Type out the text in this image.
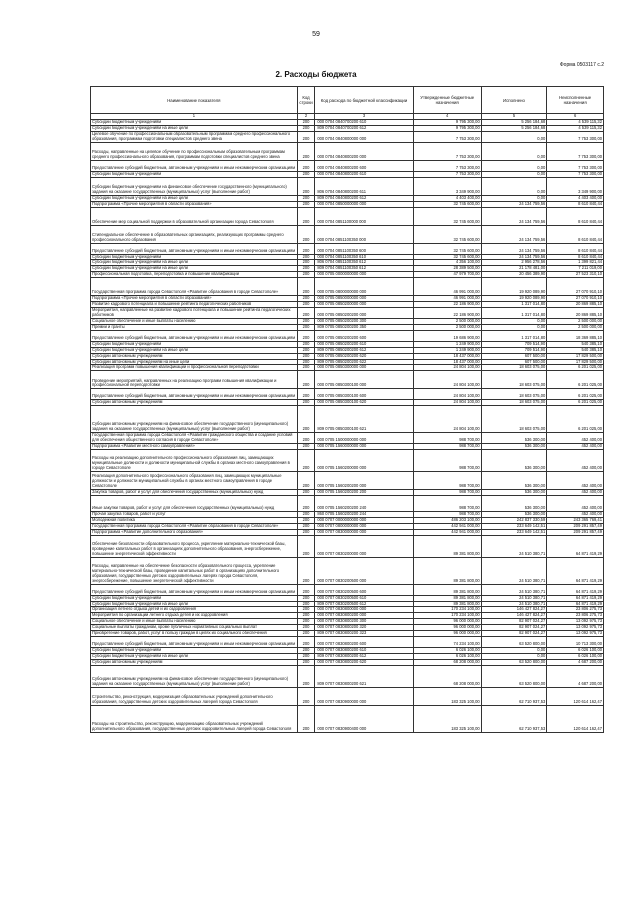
59
Форма 0503117 с.2
2. Расходы бюджета
Наименование показателя	Код строки	Код расхода по бюджетной классификации	Утвержденные бюджетные назначения	Исполнено	Неисполненные назначения
1	2	3	4	5	6
Субсидии бюджетным учреждениям	200	000 0704 0840700200 610	9 795 300,00	5 256 184,68	4 539 115,32
Субсидии бюджетным учреждениям на иные цели	200	809 0704 0840700200 612	9 795 300,00	5 256 184,68	4 539 115,32
Целевое обучение по профессиональным образовательным программам среднего профессионального образования, программам подготовки специалистов среднего звена	200	000 0704 0840800000 000	7 753 300,00	0,00	7 753 300,00
Расходы, направленные на целевое обучение по профессиональным образовательным программам среднего профессионального образования, программам подготовки специалистов среднего звена	200	000 0704 0840800200 000	7 753 300,00	0,00	7 753 300,00
Предоставление субсидий бюджетным, автономным учреждениям и иным некоммерческим организациям	200	000 0704 0840800200 600	7 753 300,00	0,00	7 753 300,00
Субсидии бюджетным учреждениям	200	000 0704 0840800200 610	7 753 300,00	0,00	7 753 300,00
Субсидии бюджетным учреждениям на финансовое обеспечение государственного (муниципального) задания на оказание государственных (муниципальных) услуг (выполнение работ)	200	806 0704 0840800200 611	3 349 900,00	0,00	3 349 900,00
Субсидии бюджетным учреждениям на иные цели	200	809 0704 0840800200 612	4 403 400,00	0,00	4 403 400,00
Подпрограмма «Прочие мероприятия в области образования»	200	000 0704 0850000000 000	32 745 600,00	24 134 759,56	8 610 840,44
Обеспечение мер социальной поддержки в образовательной организации города Севастополя	200	000 0704 0851100000 000	32 745 600,00	24 134 759,56	8 610 840,44
Стипендиальное обеспечение в образовательных организациях, реализующих программы среднего профессионального образования	200	000 0704 0851100350 000	32 745 600,00	24 134 759,56	8 610 840,44
Предоставление субсидий бюджетным, автономным учреждениям и иным некоммерческим организациям	200	000 0704 0851100350 600	32 745 600,00	24 134 759,56	8 610 840,44
Субсидии бюджетным учреждениям	200	000 0704 0851100350 610	32 745 600,00	24 134 759,56	8 610 840,44
Субсидии бюджетным учреждениям на иные цели	200	806 0704 0851100350 612	4 356 100,00	2 956 278,56	1 399 821,44
Субсидии бюджетным учреждениям на иные цели	200	809 0704 0851100350 612	28 389 500,00	21 178 481,00	7 211 019,00
Профессиональная подготовка, переподготовка и повышение квалификации	200	000 0705 0000000000 000	47 979 700,00	20 456 389,90	27 523 310,10
Государственная программа города Севастополя «Развитие образования в городе Севастополе»	200	000 0705 0800000000 000	46 991 000,00	19 920 089,90	27 070 910,10
Подпрограмма «Прочие мероприятия в области образования»	200	000 0705 0850000000 000	46 991 000,00	19 920 089,90	27 070 910,10
Развитие кадрового потенциала и повышение рейтинга педагогических работников	200	000 0705 0850200000 000	22 186 900,00	1 317 014,80	20 869 885,10
Мероприятия, направленные на развитие кадрового потенциала и повышение рейтинга педагогических работников	200	000 0705 0850200200 000	22 186 900,00	1 317 014,80	20 869 885,10
Социальное обеспечение и иные выплаты населению	200	000 0705 0850200200 300	2 500 000,00	0,00	2 500 000,00
Премии и гранты	200	809 0705 0850200200 350	2 500 000,00	0,00	2 500 000,00
Предоставление субсидий бюджетным, автономным учреждениям и иным некоммерческим организациям	200	000 0705 0850200200 600	19 686 900,00	1 317 014,80	18 369 885,10
Субсидии бюджетным учреждениям	200	000 0705 0850200200 610	1 249 900,00	709 514,90	540 385,10
Субсидии бюджетным учреждениям на иные цели	200	809 0705 0850200200 612	1 249 900,00	709 514,90	540 385,10
Субсидии автономным учреждениям	200	000 0705 0850200200 620	18 437 000,00	607 500,00	17 829 500,00
Субсидии автономным учреждениям на иные цели	200	809 0705 0850200200 622	18 437 000,00	607 500,00	17 829 500,00
Реализация программ повышения квалификации и профессиональной переподготовки	200	000 0705 0850300000 000	24 804 100,00	18 603 075,00	6 201 025,00
Проведение мероприятий, направленных на реализацию программ повышения квалификации и профессиональной переподготовки	200	000 0705 0850300100 000	24 804 100,00	18 603 075,00	6 201 025,00
Предоставление субсидий бюджетным, автономным учреждениям и иным некоммерческим организациям	200	000 0705 0850300100 600	24 804 100,00	18 603 075,00	6 201 025,00
Субсидии автономным учреждениям	200	000 0705 0850300100 620	24 804 100,00	18 603 075,00	6 201 025,00
Субсидии автономным учреждениям на финансовое обеспечение государственного (муниципального) задания на оказание государственных (муниципальных) услуг (выполнение работ)	200	809 0705 0850300100 621	24 804 100,00	18 603 075,00	6 201 025,00
Государственная программа города Севастополя «Развитие гражданского общества и создание условий для обеспечения общественного согласия в городе Севастополе»	200	000 0705 1500000000 000	988 700,00	536 300,00	452 400,00
Подпрограмма «Развитие местного самоуправления»	200	000 0705 1560000000 000	988 700,00	536 300,00	452 400,00
Расходы на реализацию дополнительного профессионального образования лиц, замещающих муниципальные должности и должности муниципальной службы в органах местного самоуправления в городе Севастополе	200	000 0705 1560200000 000	988 700,00	536 300,00	452 400,00
Реализация дополнительного профессионального образования лиц, замещающих муниципальные должности и должности муниципальной службы в органах местного самоуправления в городе Севастополе	200	000 0705 1560200200 000	988 700,00	536 300,00	452 400,00
Закупка товаров, работ и услуг для обеспечения государственных (муниципальных) нужд	200	000 0705 1560200200 200	988 700,00	536 300,00	452 400,00
Иные закупки товаров, работ и услуг для обеспечения государственных (муниципальных) нужд	200	000 0705 1560200200 240	988 700,00	536 300,00	452 400,00
Прочая закупка товаров, работ и услуг	200	860 0705 1560200200 244	988 700,00	536 300,00	452 400,00
Молодежная политика	200	000 0707 0000000000 000	486 203 100,00	242 837 330,59	243 365 769,41
Государственная программа города Севастополя «Развитие образования в городе Севастополе»	200	000 0707 0800000000 000	442 941 000,00	233 649 142,51	209 291 857,49
Подпрограмма «Развитие дополнительного образования»	200	000 0707 0830000000 000	442 941 000,00	233 649 142,51	209 291 857,49
Обеспечение безопасности образовательного процесса, укрепление материально-технической базы, проведение капитальных работ в организациях дополнительного образования, энергосбережение, повышение энергетической эффективности	200	000 0707 0830200000 000	89 381 800,00	24 510 380,71	64 871 419,29
Расходы, направленные на обеспечение безопасности образовательного процесса, укрепление материально-технической базы, проведение капитальных работ в организациях дополнительного образования, государственных детских оздоровительных лагерях города Севастополя, энергосбережение, повышение энергетической эффективности	200	000 0707 0830200500 000	89 381 800,00	24 510 380,71	64 871 419,29
Предоставление субсидий бюджетным, автономным учреждениям и иным некоммерческим организациям	200	000 0707 0830200500 600	89 381 800,00	24 510 380,71	64 871 419,29
Субсидии бюджетным учреждениям	200	000 0707 0830200500 610	89 381 800,00	24 510 380,71	64 871 419,29
Субсидии бюджетным учреждениям на иные цели	200	809 0707 0830200500 612	89 381 800,00	24 510 380,71	64 871 419,29
Организация летнего отдыха детей и их оздоровления	200	000 0707 0830800000 000	170 234 100,00	146 427 824,27	23 806 275,73
Мероприятия по организации летнего отдыха детей и их оздоровления	200	000 0707 0830800200 000	170 234 100,00	146 427 824,27	23 806 275,73
Социальное обеспечение и иные выплаты населению	200	000 0707 0830800200 300	96 000 000,00	82 907 024,27	13 092 975,73
Социальные выплаты гражданам, кроме публичных нормативных социальных выплат	200	000 0707 0830800200 320	96 000 000,00	82 907 024,27	13 092 975,73
Приобретение товаров, работ, услуг в пользу граждан в целях их социального обеспечения	200	809 0707 0830800200 323	96 000 000,00	82 907 024,27	13 092 975,73
Предоставление субсидий бюджетным, автономным учреждениям и иным некоммерческим организациям	200	000 0707 0830800200 600	74 234 100,00	63 520 800,00	10 713 300,00
Субсидии бюджетным учреждениям	200	000 0707 0830800200 610	6 026 100,00	0,00	6 026 100,00
Субсидии бюджетным учреждениям на иные цели	200	809 0707 0830800200 612	6 026 100,00	0,00	6 026 100,00
Субсидии автономным учреждениям	200	000 0707 0830800200 620	68 208 000,00	63 520 800,00	4 687 200,00
Субсидии автономным учреждениям на финансовое обеспечение государственного (муниципального) задания на оказание государственных (муниципальных) услуг (выполнение работ)	200	809 0707 0830800200 621	68 208 000,00	63 520 800,00	4 687 200,00
Строительство, реконструкция, модернизация образовательных учреждений дополнительного образования, государственных детских оздоровительных лагерей города Севастополя	200	000 0707 0830900000 000	183 325 100,00	62 710 937,53	120 614 162,47
Расходы на строительство, реконструкцию, модернизацию образовательных учреждений дополнительного образования, государственных детских оздоровительных лагерей города Севастополя	200	000 0707 0830900400 000	183 325 100,00	62 710 937,53	120 614 162,47
